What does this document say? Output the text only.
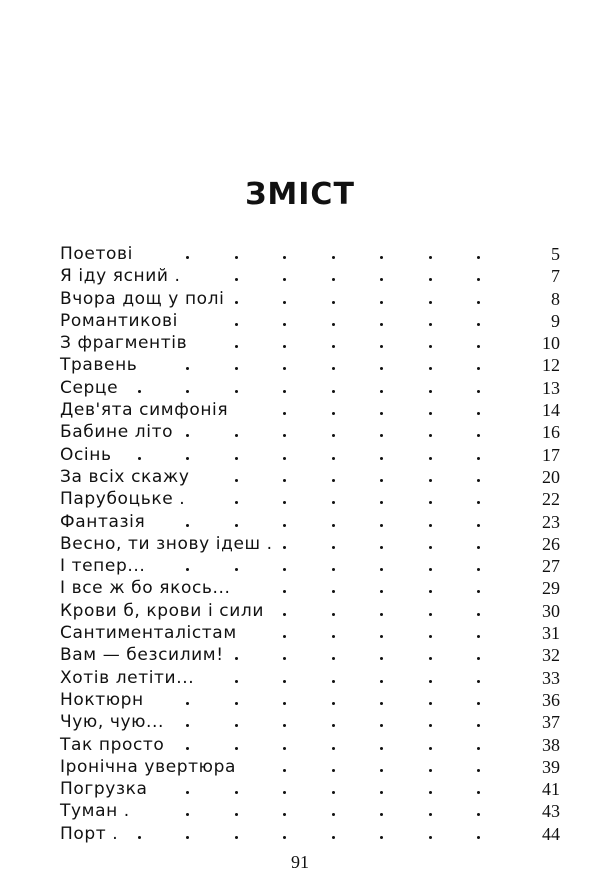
ЗМІСТ
Поетові	5
Я іду ясний .	7
Вчора дощ у полі	8
Романтикові	9
З фрагментів	10
Травень	12
Серце	13
Дев'ята симфонія	14
Бабине літо	16
Осінь	17
За всіх скажу	20
Парубоцьке .	22
Фантазія	23
Весно, ти знову ідеш .	26
І тепер...	27
І все ж бо якось...	29
Крови б, крови і сили	30
Сантименталістам	31
Вам — безсилим!	32
Хотів летіти...	33
Ноктюрн	36
Чую, чую...	37
Так просто	38
Іронічна увертюра	39
Погрузка	41
Туман .	43
Порт .	44
91
